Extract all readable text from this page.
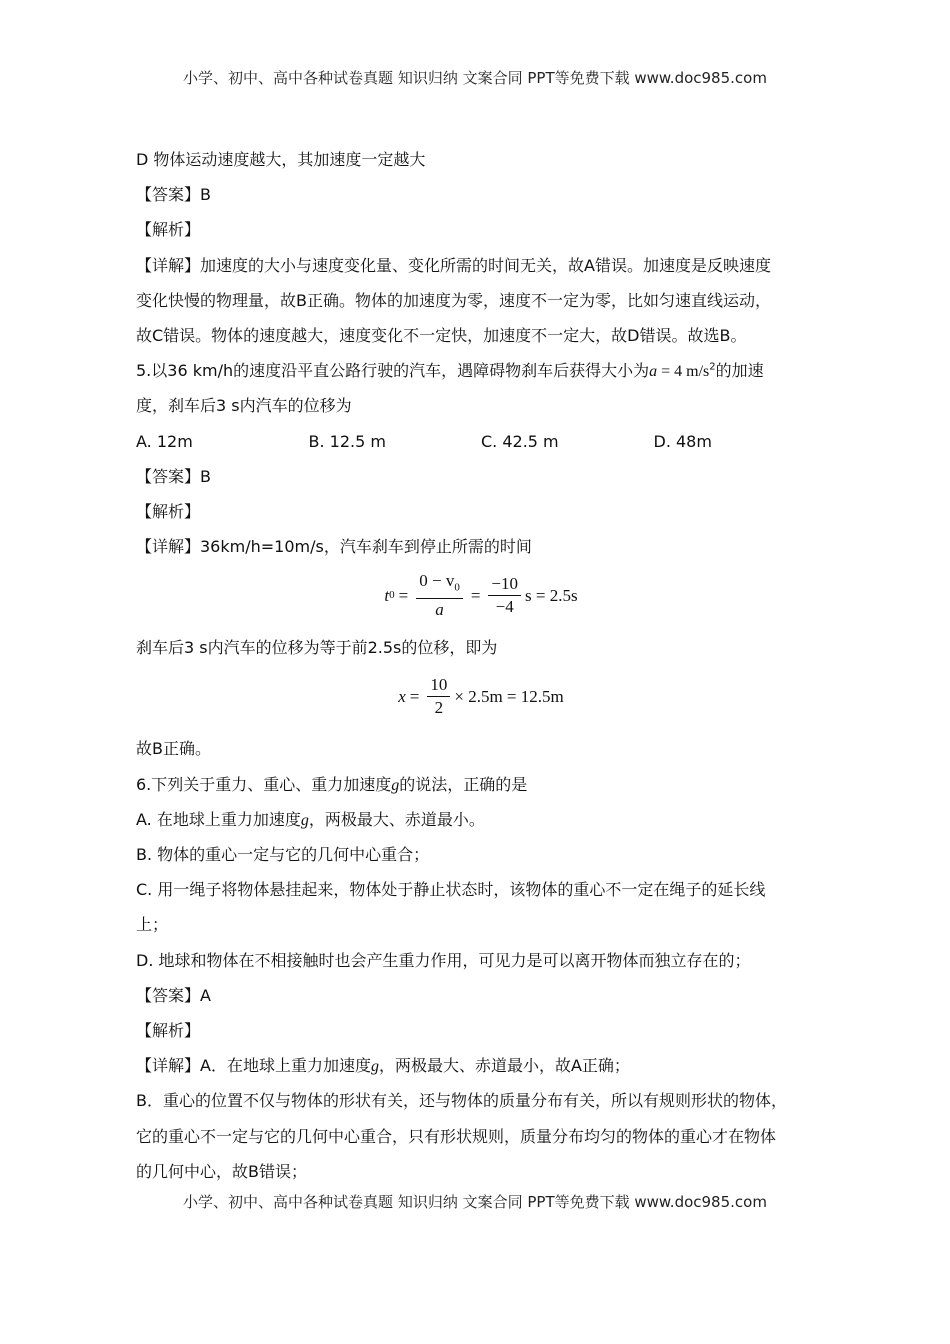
小学、初中、高中各种试卷真题 知识归纳 文案合同 PPT等免费下载 www.doc985.com
D 物体运动速度越大，其加速度一定越大
【答案】B
【解析】
【详解】加速度的大小与速度变化量、变化所需的时间无关，故A错误。加速度是反映速度
变化快慢的物理量，故B正确。物体的加速度为零，速度不一定为零，比如匀速直线运动，
故C错误。物体的速度越大，速度变化不一定快，加速度不一定大，故D错误。故选B。
5.以36 km/h的速度沿平直公路行驶的汽车，遇障碍物刹车后获得大小为a = 4 $m/s^2$的加速
度，刹车后3 s内汽车的位移为
A. 12m	B. 12.5 m	C. 42.5 m	D. 48m
【答案】B
【解析】
【详解】36km/h=10m/s，汽车刹车到停止所需的时间
t $0 = \frac{0 - v_0}{a} = \frac{-10}{-4}$ s = 2.5s
刹车后3 s内汽车的位移为等于前2.5s的位移，即为
$x = \frac{10}{2} \times 2.5m = 12.5m$
故B正确。
6.下列关于重力、重心、重力加速度g的说法，正确的是
A. 在地球上重力加速度g，两极最大、赤道最小。
B. 物体的重心一定与它的几何中心重合；
C. 用一绳子将物体悬挂起来，物体处于静止状态时，该物体的重心不一定在绳子的延长线
上；
D. 地球和物体在不相接触时也会产生重力作用，可见力是可以离开物体而独立存在的；
【答案】A
【解析】
【详解】A．在地球上重力加速度g，两极最大、赤道最小，故A正确；
B．重心的位置不仅与物体的形状有关，还与物体的质量分布有关，所以有规则形状的物体，
它的重心不一定与它的几何中心重合，只有形状规则，质量分布均匀的物体的重心才在物体
的几何中心，故B错误；
小学、初中、高中各种试卷真题 知识归纳 文案合同 PPT等免费下载 www.doc985.com
